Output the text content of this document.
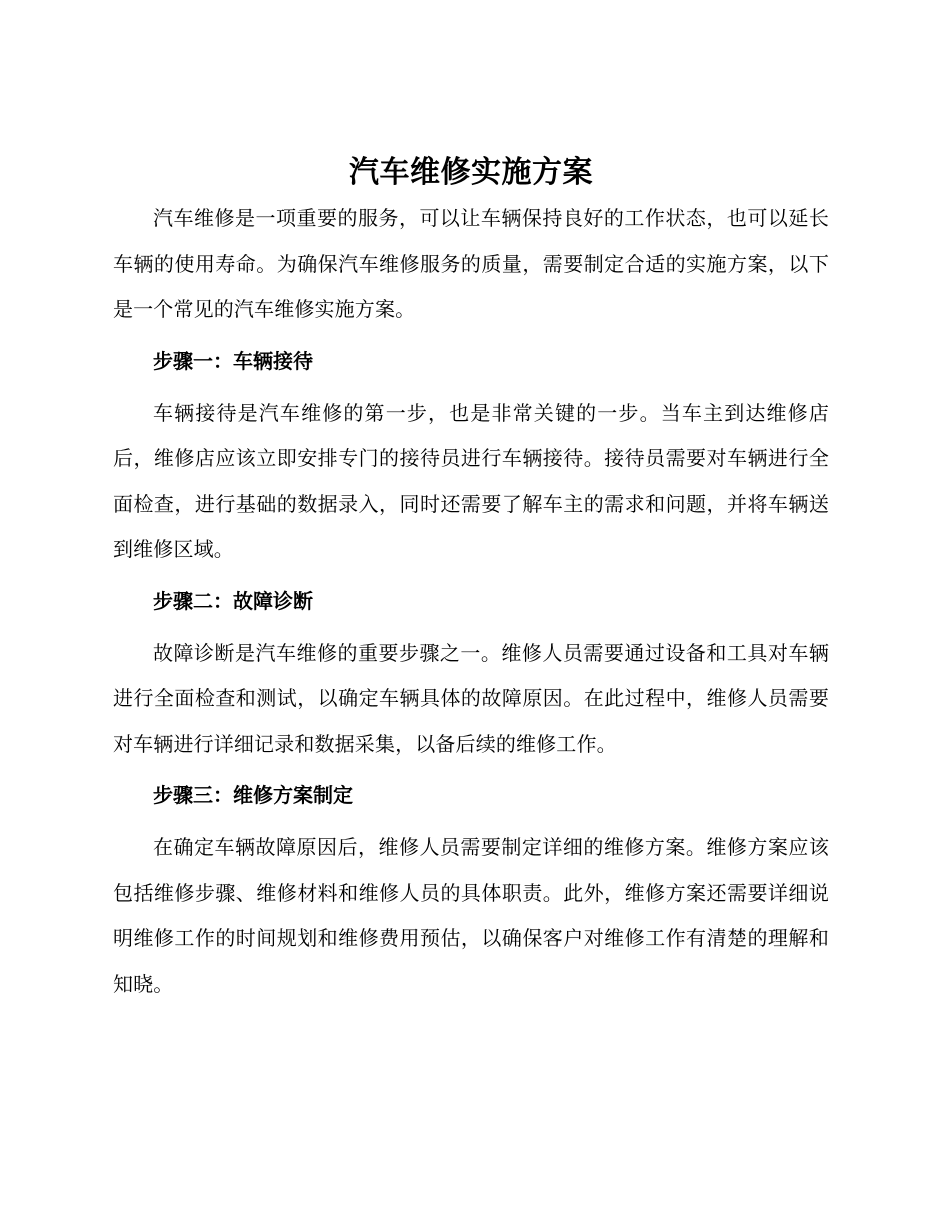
汽车维修实施方案

汽车维修是一项重要的服务，可以让车辆保持良好的工作状态，也可以延长车辆的使用寿命。为确保汽车维修服务的质量，需要制定合适的实施方案，以下是一个常见的汽车维修实施方案。

步骤一：车辆接待

车辆接待是汽车维修的第一步，也是非常关键的一步。当车主到达维修店后，维修店应该立即安排专门的接待员进行车辆接待。接待员需要对车辆进行全面检查，进行基础的数据录入，同时还需要了解车主的需求和问题，并将车辆送到维修区域。

步骤二：故障诊断

故障诊断是汽车维修的重要步骤之一。维修人员需要通过设备和工具对车辆进行全面检查和测试，以确定车辆具体的故障原因。在此过程中，维修人员需要对车辆进行详细记录和数据采集，以备后续的维修工作。

步骤三：维修方案制定

在确定车辆故障原因后，维修人员需要制定详细的维修方案。维修方案应该包括维修步骤、维修材料和维修人员的具体职责。此外，维修方案还需要详细说明维修工作的时间规划和维修费用预估，以确保客户对维修工作有清楚的理解和知晓。
